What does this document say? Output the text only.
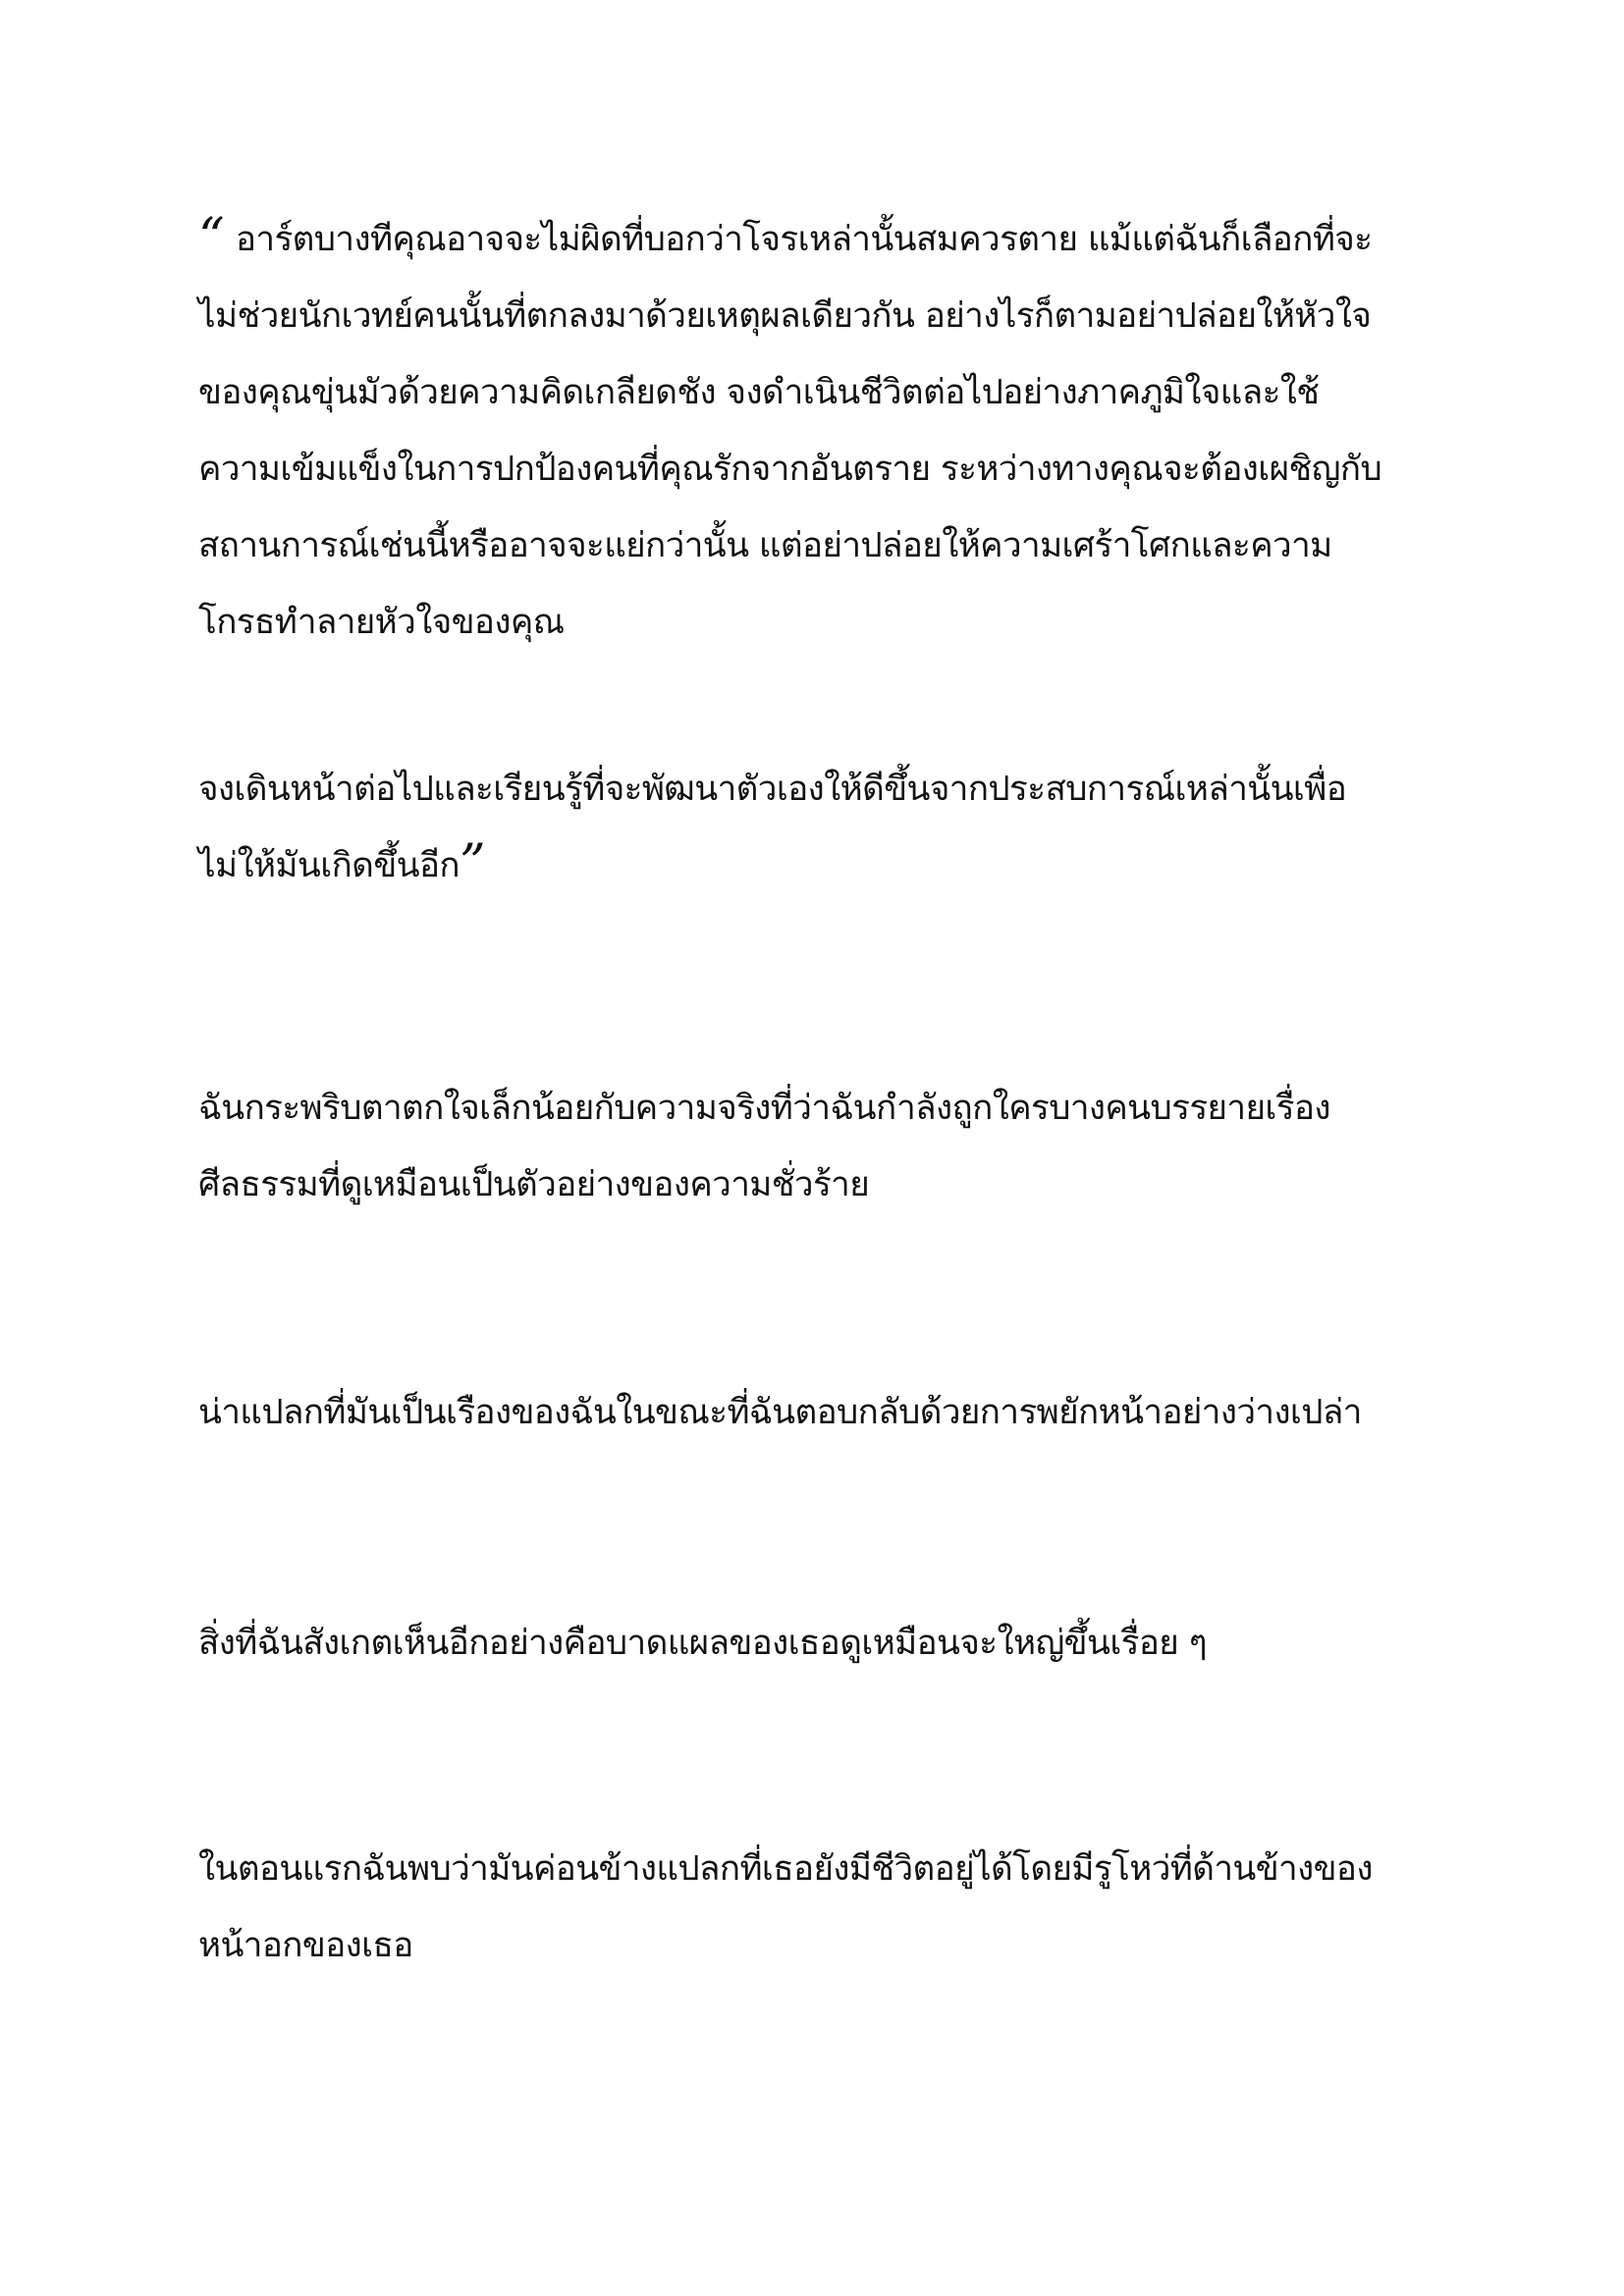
“ อาร์ตบางทีคุณอาจจะไม่ผิดที่บอกว่าโจรเหล่านั้นสมควรตาย แม้แต่ฉันก็เลือกที่จะ
ไม่ช่วยนักเวทย์คนนั้นที่ตกลงมาด้วยเหตุผลเดียวกัน อย่างไรก็ตามอย่าปล่อยให้หัวใจ
ของคุณขุ่นมัวด้วยความคิดเกลียดชัง จงดำเนินชีวิตต่อไปอย่างภาคภูมิใจและใช้
ความเข้มแข็งในการปกป้องคนที่คุณรักจากอันตราย ระหว่างทางคุณจะต้องเผชิญกับ
สถานการณ์เช่นนี้หรืออาจจะแย่กว่านั้น แต่อย่าปล่อยให้ความเศร้าโศกและความ
โกรธทำลายหัวใจของคุณ

จงเดินหน้าต่อไปและเรียนรู้ที่จะพัฒนาตัวเองให้ดีขึ้นจากประสบการณ์เหล่านั้นเพื่อ
ไม่ให้มันเกิดขึ้นอีก”

ฉันกระพริบตาตกใจเล็กน้อยกับความจริงที่ว่าฉันกำลังถูกใครบางคนบรรยายเรื่อง
ศีลธรรมที่ดูเหมือนเป็นตัวอย่างของความชั่วร้าย

น่าแปลกที่มันเป็นเรืองของฉันในขณะที่ฉันตอบกลับด้วยการพยักหน้าอย่างว่างเปล่า

สิ่งที่ฉันสังเกตเห็นอีกอย่างคือบาดแผลของเธอดูเหมือนจะใหญ่ขึ้นเรื่อย ๆ

ในตอนแรกฉันพบว่ามันค่อนข้างแปลกที่เธอยังมีชีวิตอยู่ได้โดยมีรูโหว่ที่ด้านข้างของ
หน้าอกของเธอ
